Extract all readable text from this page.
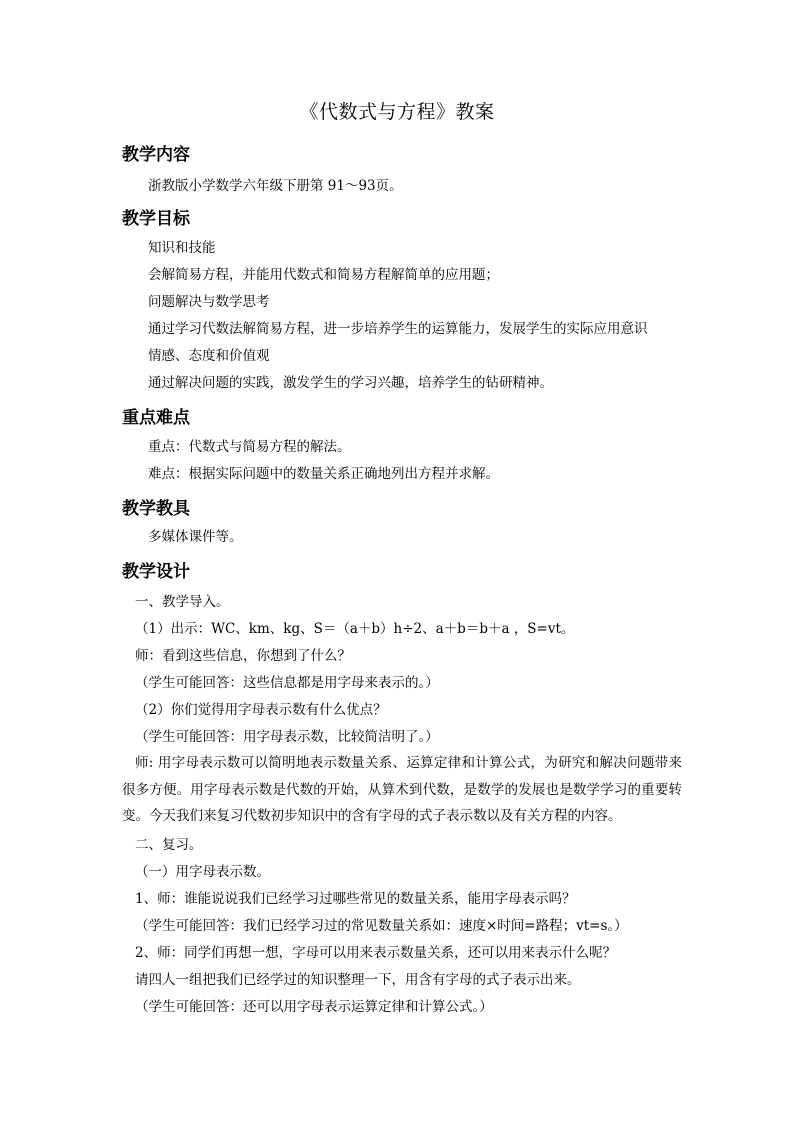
《代数式与方程》教案
教学内容
浙教版小学数学六年级下册第 91～93页。
教学目标
知识和技能
会解简易方程，并能用代数式和简易方程解简单的应用题；
问题解决与数学思考
通过学习代数法解简易方程，进一步培养学生的运算能力，发展学生的实际应用意识
情感、态度和价值观
通过解决问题的实践，激发学生的学习兴趣，培养学生的钻研精神。
重点难点
重点：代数式与简易方程的解法。
难点：根据实际问题中的数量关系正确地列出方程并求解。
教学教具
多媒体课件等。
教学设计
一、教学导入。
（1）出示：WC、km、kg、S＝（a＋b）h÷2、a＋b＝b＋a ，S=vt。
师：看到这些信息，你想到了什么？
（学生可能回答：这些信息都是用字母来表示的。）
（2）你们觉得用字母表示数有什么优点？
（学生可能回答：用字母表示数，比较简洁明了。）
师: 用字母表示数可以简明地表示数量关系、运算定律和计算公式，为研究和解决问题带来很多方便。用字母表示数是代数的开始，从算术到代数，是数学的发展也是数学学习的重要转变。今天我们来复习代数初步知识中的含有字母的式子表示数以及有关方程的内容。
二、复习。
（一）用字母表示数。
1、师：谁能说说我们已经学习过哪些常见的数量关系，能用字母表示吗？
（学生可能回答：我们已经学习过的常见数量关系如：速度×时间=路程；vt=s。）
2、师：同学们再想一想，字母可以用来表示数量关系，还可以用来表示什么呢？
请四人一组把我们已经学过的知识整理一下，用含有字母的式子表示出来。
（学生可能回答：还可以用字母表示运算定律和计算公式。）
